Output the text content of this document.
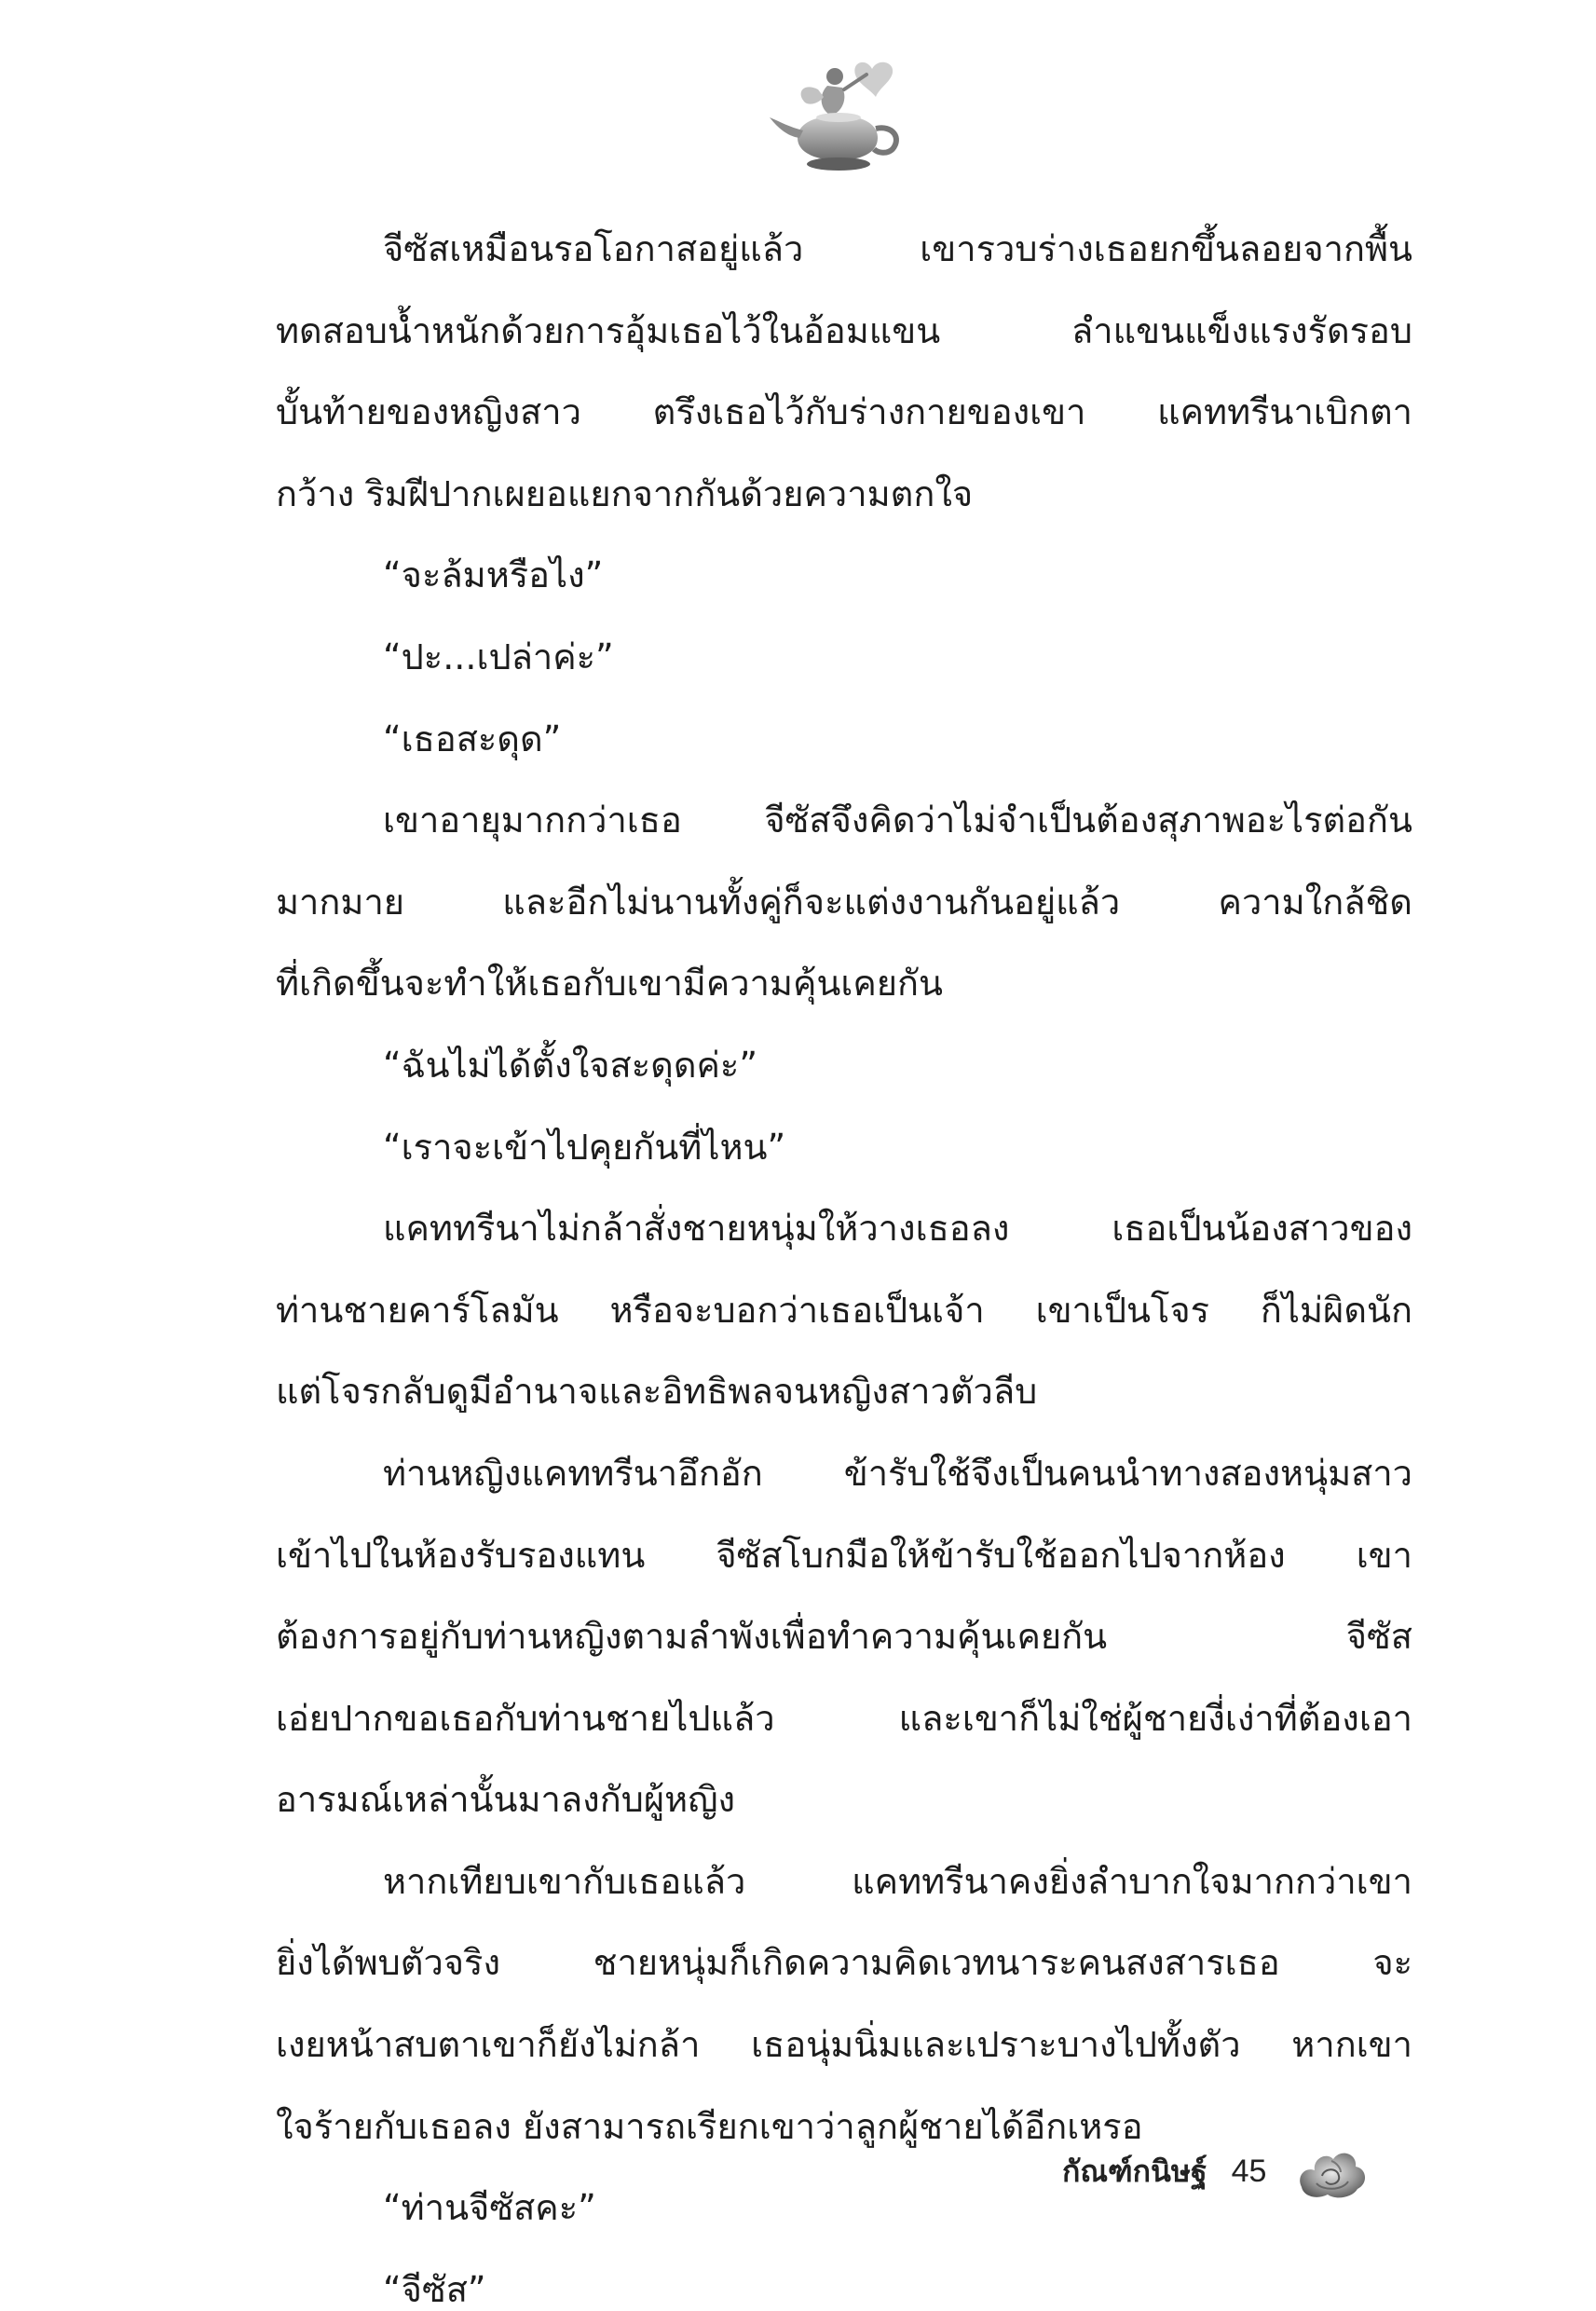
จีซัสเหมือนรอโอกาสอยู่แล้ว เขารวบร่างเธอยกขึ้นลอยจากพื้น
ทดสอบน้ำหนักด้วยการอุ้มเธอไว้ในอ้อมแขน ลำแขนแข็งแรงรัดรอบ
บั้นท้ายของหญิงสาว ตรึงเธอไว้กับร่างกายของเขา แคททรีนาเบิกตา
กว้าง ริมฝีปากเผยอแยกจากกันด้วยความตกใจ
“จะล้มหรือไง”
“ปะ...เปล่าค่ะ”
“เธอสะดุด”
เขาอายุมากกว่าเธอ จีซัสจึงคิดว่าไม่จำเป็นต้องสุภาพอะไรต่อกัน
มากมาย และอีกไม่นานทั้งคู่ก็จะแต่งงานกันอยู่แล้ว ความใกล้ชิด
ที่เกิดขึ้นจะทำให้เธอกับเขามีความคุ้นเคยกัน
“ฉันไม่ได้ตั้งใจสะดุดค่ะ”
“เราจะเข้าไปคุยกันที่ไหน”
แคททรีนาไม่กล้าสั่งชายหนุ่มให้วางเธอลง เธอเป็นน้องสาวของ
ท่านชายคาร์โลมัน หรือจะบอกว่าเธอเป็นเจ้า เขาเป็นโจร ก็ไม่ผิดนัก
แต่โจรกลับดูมีอำนาจและอิทธิพลจนหญิงสาวตัวลีบ
ท่านหญิงแคททรีนาอึกอัก ข้ารับใช้จึงเป็นคนนำทางสองหนุ่มสาว
เข้าไปในห้องรับรองแทน จีซัสโบกมือให้ข้ารับใช้ออกไปจากห้อง เขา
ต้องการอยู่กับท่านหญิงตามลำพังเพื่อทำความคุ้นเคยกัน จีซัส
เอ่ยปากขอเธอกับท่านชายไปแล้ว และเขาก็ไม่ใช่ผู้ชายงี่เง่าที่ต้องเอา
อารมณ์เหล่านั้นมาลงกับผู้หญิง
หากเทียบเขากับเธอแล้ว แคททรีนาคงยิ่งลำบากใจมากกว่าเขา
ยิ่งได้พบตัวจริง ชายหนุ่มก็เกิดความคิดเวทนาระคนสงสารเธอ จะ
เงยหน้าสบตาเขาก็ยังไม่กล้า เธอนุ่มนิ่มและเปราะบางไปทั้งตัว หากเขา
ใจร้ายกับเธอลง ยังสามารถเรียกเขาว่าลูกผู้ชายได้อีกเหรอ
“ท่านจีซัสคะ”
“จีซัส”
กัณฑ์กนิษฐ์ 45
